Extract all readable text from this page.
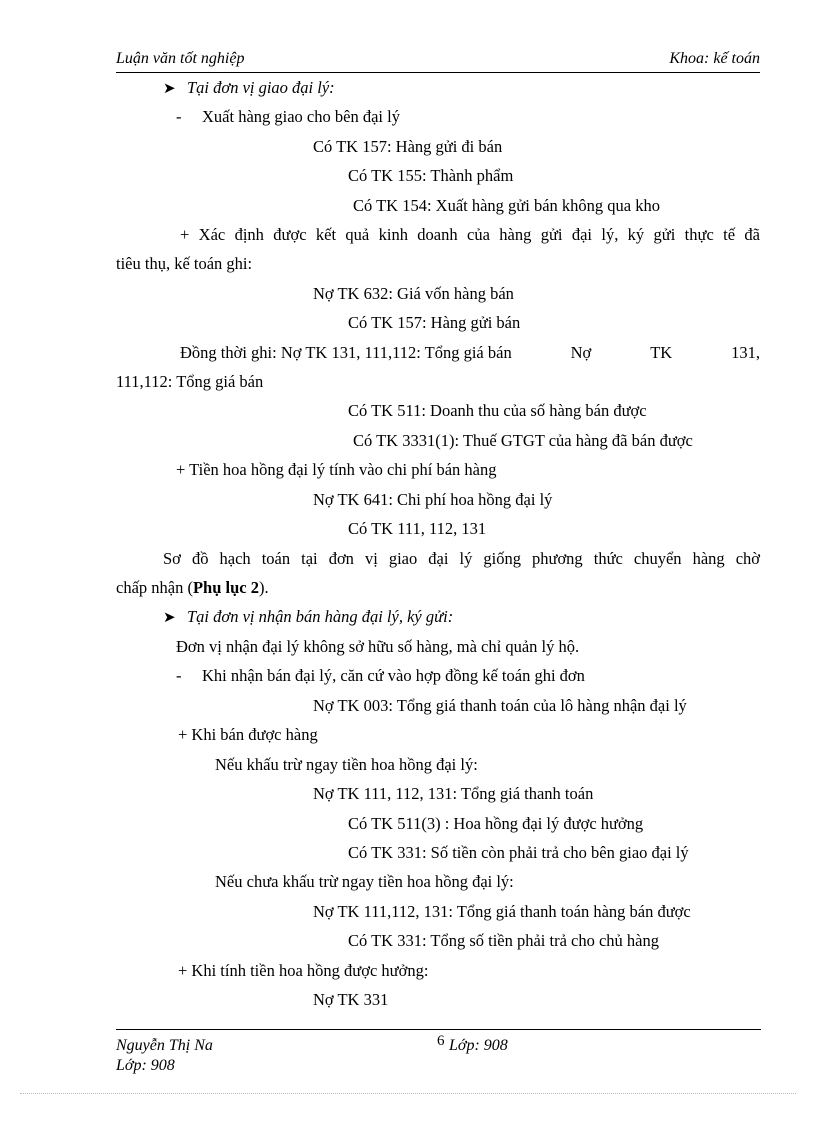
Luận văn tốt nghiệp	Khoa: kế toán
➤ Tại đơn vị giao đại lý:
- Xuất hàng giao cho bên đại lý
Có TK 157: Hàng gửi đi bán
Có TK 155: Thành phẩm
Có TK 154: Xuất hàng gửi bán không qua kho
+ Xác định được kết quả kinh doanh của hàng gửi đại lý, ký gửi thực tế đã
tiêu thụ, kế toán ghi:
Nợ TK 632: Giá vốn hàng bán
Có TK 157: Hàng gửi bán
Đồng thời ghi: Nợ TK 131, 111,112: Tổng giá bán	Nợ	TK	131,
111,112: Tổng giá bán
Có TK 511: Doanh thu của số hàng bán được
Có TK 3331(1): Thuế GTGT của hàng đã bán được
+ Tiền hoa hồng đại lý tính vào chi phí bán hàng
Nợ TK 641: Chi phí hoa hồng đại lý
Có TK 111, 112, 131
Sơ đồ hạch toán tại đơn vị giao đại lý giống phương thức chuyển hàng chờ
chấp nhận (Phụ lục 2).
➤ Tại đơn vị nhận bán hàng đại lý, ký gửi:
Đơn vị nhận đại lý không sở hữu số hàng, mà chỉ quản lý hộ.
- Khi nhận bán đại lý, căn cứ vào hợp đồng kế toán ghi đơn
Nợ TK 003: Tổng giá thanh toán của lô hàng nhận đại lý
+ Khi bán được hàng
Nếu khấu trừ ngay tiền hoa hồng đại lý:
Nợ TK 111, 112, 131: Tổng giá thanh toán
Có TK 511(3) : Hoa hồng đại lý được hưởng
Có TK 331: Số tiền còn phải trả cho bên giao đại lý
Nếu chưa khấu trừ ngay tiền hoa hồng đại lý:
Nợ TK 111,112, 131: Tổng giá thanh toán hàng bán được
Có TK 331: Tổng số tiền phải trả cho chủ hàng
+ Khi tính tiền hoa hồng được hưởng:
Nợ TK 331
Nguyễn Thị Na	6 Lớp: 908
Lớp: 908
